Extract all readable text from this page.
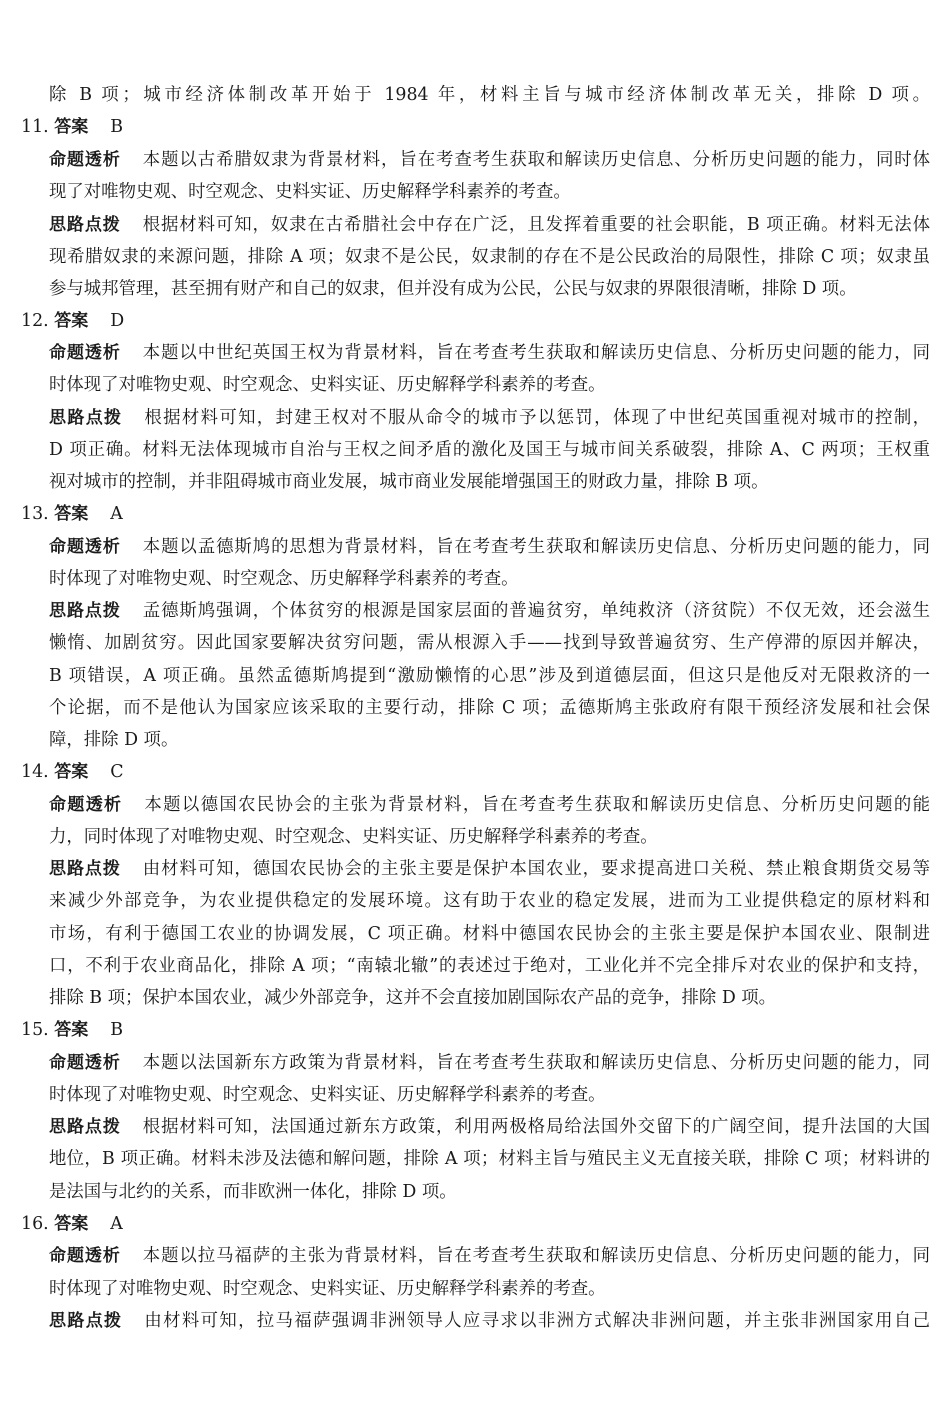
除 B 项；城市经济体制改革开始于 1984 年，材料主旨与城市经济体制改革无关，排除 D 项。
11. 答案 B
命题透析 本题以古希腊奴隶为背景材料，旨在考查考生获取和解读历史信息、分析历史问题的能力，同时体
现了对唯物史观、时空观念、史料实证、历史解释学科素养的考查。
思路点拨 根据材料可知，奴隶在古希腊社会中存在广泛，且发挥着重要的社会职能，B 项正确。材料无法体
现希腊奴隶的来源问题，排除 A 项；奴隶不是公民，奴隶制的存在不是公民政治的局限性，排除 C 项；奴隶虽
参与城邦管理，甚至拥有财产和自己的奴隶，但并没有成为公民，公民与奴隶的界限很清晰，排除 D 项。
12. 答案 D
命题透析 本题以中世纪英国王权为背景材料，旨在考查考生获取和解读历史信息、分析历史问题的能力，同
时体现了对唯物史观、时空观念、史料实证、历史解释学科素养的考查。
思路点拨 根据材料可知，封建王权对不服从命令的城市予以惩罚，体现了中世纪英国重视对城市的控制，
D 项正确。材料无法体现城市自治与王权之间矛盾的激化及国王与城市间关系破裂，排除 A、C 两项；王权重
视对城市的控制，并非阻碍城市商业发展，城市商业发展能增强国王的财政力量，排除 B 项。
13. 答案 A
命题透析 本题以孟德斯鸠的思想为背景材料，旨在考查考生获取和解读历史信息、分析历史问题的能力，同
时体现了对唯物史观、时空观念、历史解释学科素养的考查。
思路点拨 孟德斯鸠强调，个体贫穷的根源是国家层面的普遍贫穷，单纯救济（济贫院）不仅无效，还会滋生
懒惰、加剧贫穷。因此国家要解决贫穷问题，需从根源入手——找到导致普遍贫穷、生产停滞的原因并解决，
B 项错误，A 项正确。虽然孟德斯鸠提到“激励懒惰的心思”涉及到道德层面，但这只是他反对无限救济的一
个论据，而不是他认为国家应该采取的主要行动，排除 C 项；孟德斯鸠主张政府有限干预经济发展和社会保
障，排除 D 项。
14. 答案 C
命题透析 本题以德国农民协会的主张为背景材料，旨在考查考生获取和解读历史信息、分析历史问题的能
力，同时体现了对唯物史观、时空观念、史料实证、历史解释学科素养的考查。
思路点拨 由材料可知，德国农民协会的主张主要是保护本国农业，要求提高进口关税、禁止粮食期货交易等
来减少外部竞争，为农业提供稳定的发展环境。这有助于农业的稳定发展，进而为工业提供稳定的原材料和
市场，有利于德国工农业的协调发展，C 项正确。材料中德国农民协会的主张主要是保护本国农业、限制进
口，不利于农业商品化，排除 A 项；“南辕北辙”的表述过于绝对，工业化并不完全排斥对农业的保护和支持，
排除 B 项；保护本国农业，减少外部竞争，这并不会直接加剧国际农产品的竞争，排除 D 项。
15. 答案 B
命题透析 本题以法国新东方政策为背景材料，旨在考查考生获取和解读历史信息、分析历史问题的能力，同
时体现了对唯物史观、时空观念、史料实证、历史解释学科素养的考查。
思路点拨 根据材料可知，法国通过新东方政策，利用两极格局给法国外交留下的广阔空间，提升法国的大国
地位，B 项正确。材料未涉及法德和解问题，排除 A 项；材料主旨与殖民主义无直接关联，排除 C 项；材料讲的
是法国与北约的关系，而非欧洲一体化，排除 D 项。
16. 答案 A
命题透析 本题以拉马福萨的主张为背景材料，旨在考查考生获取和解读历史信息、分析历史问题的能力，同
时体现了对唯物史观、时空观念、史料实证、历史解释学科素养的考查。
思路点拨 由材料可知，拉马福萨强调非洲领导人应寻求以非洲方式解决非洲问题，并主张非洲国家用自己
